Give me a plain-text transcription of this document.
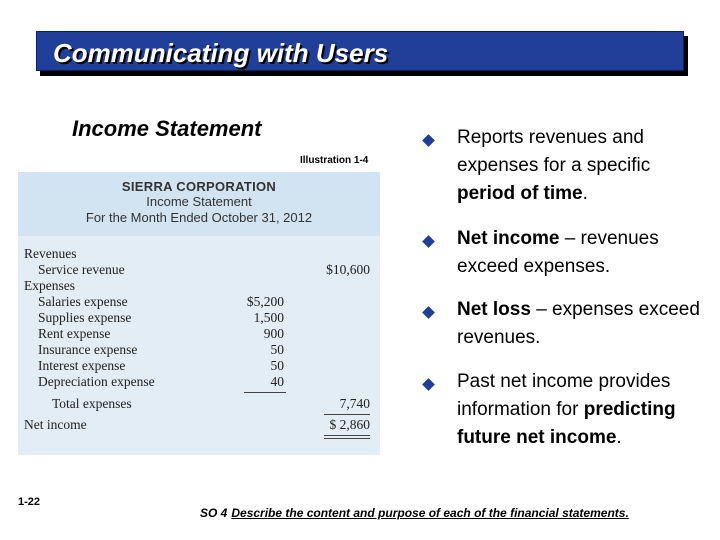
Communicating with Users
Income Statement
Illustration 1-4
SIERRA CORPORATION
Income Statement
For the Month Ended October 31, 2012
Revenues
Service revenue	$10,600
Expenses
Salaries expense	$5,200
Supplies expense	1,500
Rent expense	900
Insurance expense	50
Interest expense	50
Depreciation expense	40
Total expenses	7,740
Net income	$ 2,860
Reports revenues and expenses for a specific period of time.
Net income – revenues exceed expenses.
Net loss – expenses exceed revenues.
Past net income provides information for predicting future net income.
1-22
SO 4 Describe the content and purpose of each of the financial statements.
